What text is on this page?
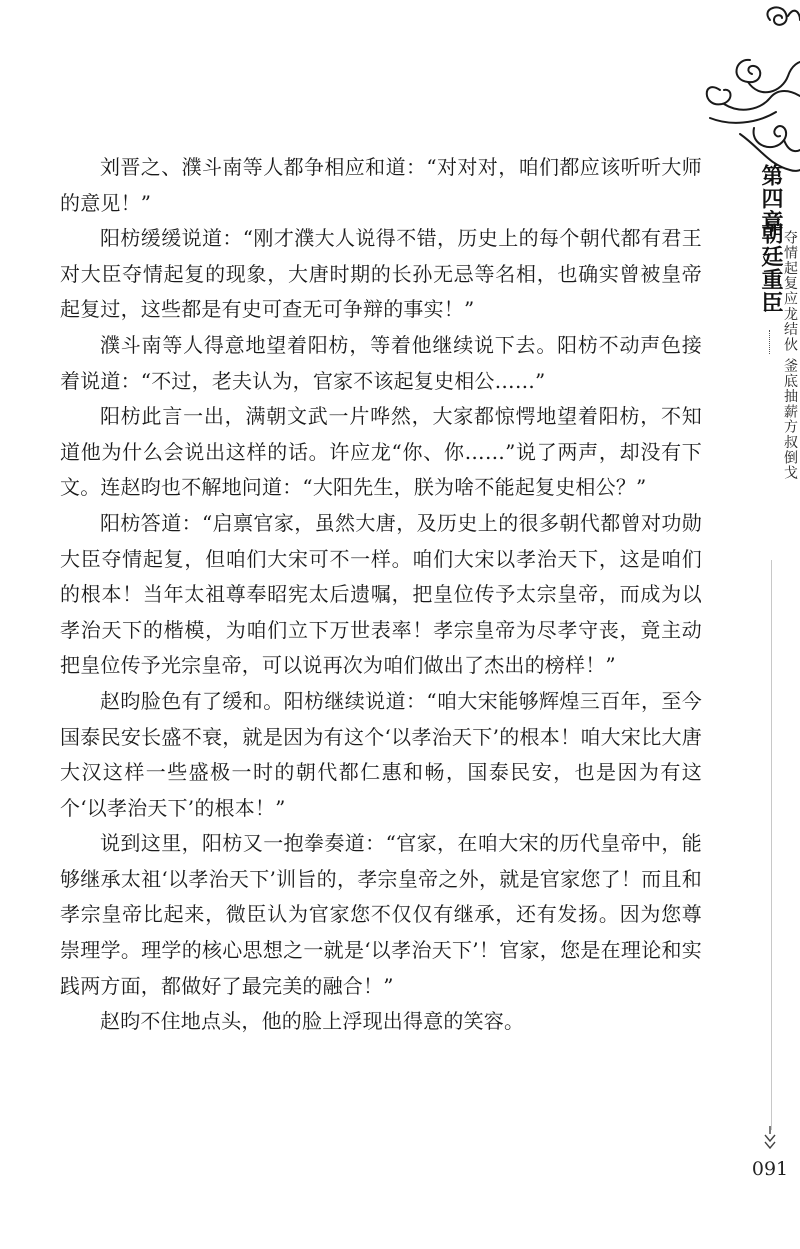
第四章
朝廷重臣 夺情起复应龙结伙 釜底抽薪方叔倒戈

刘晋之、濮斗南等人都争相应和道：“对对对，咱们都应该听听大师的意见！”

阳枋缓缓说道：“刚才濮大人说得不错，历史上的每个朝代都有君王对大臣夺情起复的现象，大唐时期的长孙无忌等名相，也确实曾被皇帝起复过，这些都是有史可查无可争辩的事实！”

濮斗南等人得意地望着阳枋，等着他继续说下去。阳枋不动声色接着说道：“不过，老夫认为，官家不该起复史相公……”

阳枋此言一出，满朝文武一片哗然，大家都惊愕地望着阳枋，不知道他为什么会说出这样的话。许应龙“你、你……”说了两声，却没有下文。连赵昀也不解地问道：“大阳先生，朕为啥不能起复史相公？”

阳枋答道：“启禀官家，虽然大唐，及历史上的很多朝代都曾对功勋大臣夺情起复，但咱们大宋可不一样。咱们大宋以孝治天下，这是咱们的根本！当年太祖尊奉昭宪太后遗嘱，把皇位传予太宗皇帝，而成为以孝治天下的楷模，为咱们立下万世表率！孝宗皇帝为尽孝守丧，竟主动把皇位传予光宗皇帝，可以说再次为咱们做出了杰出的榜样！”

赵昀脸色有了缓和。阳枋继续说道：“咱大宋能够辉煌三百年，至今国泰民安长盛不衰，就是因为有这个‘以孝治天下’的根本！咱大宋比大唐大汉这样一些盛极一时的朝代都仁惠和畅，国泰民安，也是因为有这个‘以孝治天下’的根本！”

说到这里，阳枋又一抱拳奏道：“官家，在咱大宋的历代皇帝中，能够继承太祖‘以孝治天下’训旨的，孝宗皇帝之外，就是官家您了！而且和孝宗皇帝比起来，微臣认为官家您不仅仅有继承，还有发扬。因为您尊崇理学。理学的核心思想之一就是‘以孝治天下’！官家，您是在理论和实践两方面，都做好了最完美的融合！”

赵昀不住地点头，他的脸上浮现出得意的笑容。

091
